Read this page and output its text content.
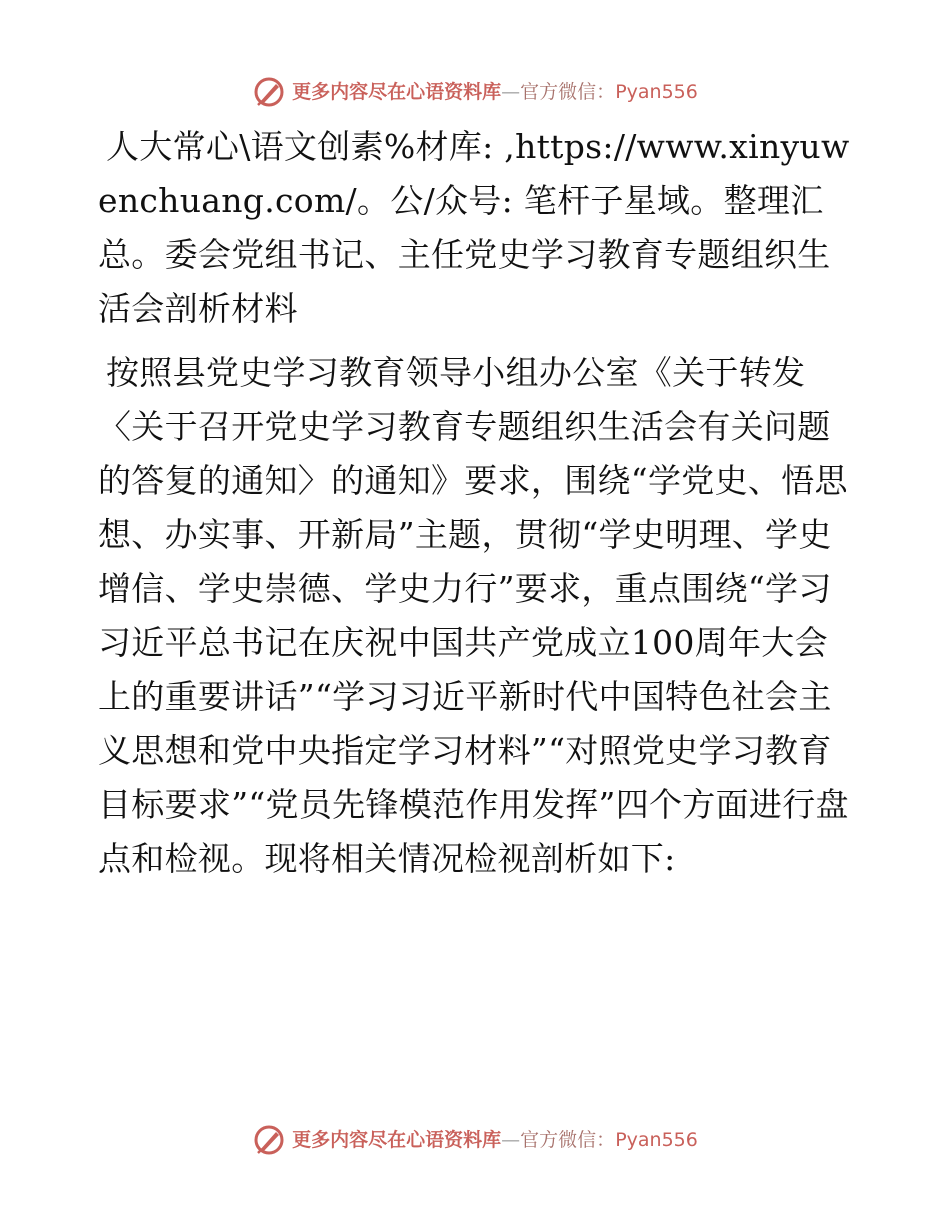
更多内容尽在心语资料库—官方微信：Pyan556

人大常心\语文创素%材库: ,https://www.xinyuwenchuang.com/。公/众号: 笔杆子星域。整理汇总。委会党组书记、主任党史学习教育专题组织生活会剖析材料

按照县党史学习教育领导小组办公室《关于转发〈关于召开党史学习教育专题组织生活会有关问题的答复的通知〉的通知》要求，围绕“学党史、悟思想、办实事、开新局”主题，贯彻“学史明理、学史增信、学史崇德、学史力行”要求，重点围绕“学习习近平总书记在庆祝中国共产党成立100周年大会上的重要讲话”“学习习近平新时代中国特色社会主义思想和党中央指定学习材料”“对照党史学习教育目标要求”“党员先锋模范作用发挥”四个方面进行盘点和检视。现将相关情况检视剖析如下:

更多内容尽在心语资料库—官方微信：Pyan556
